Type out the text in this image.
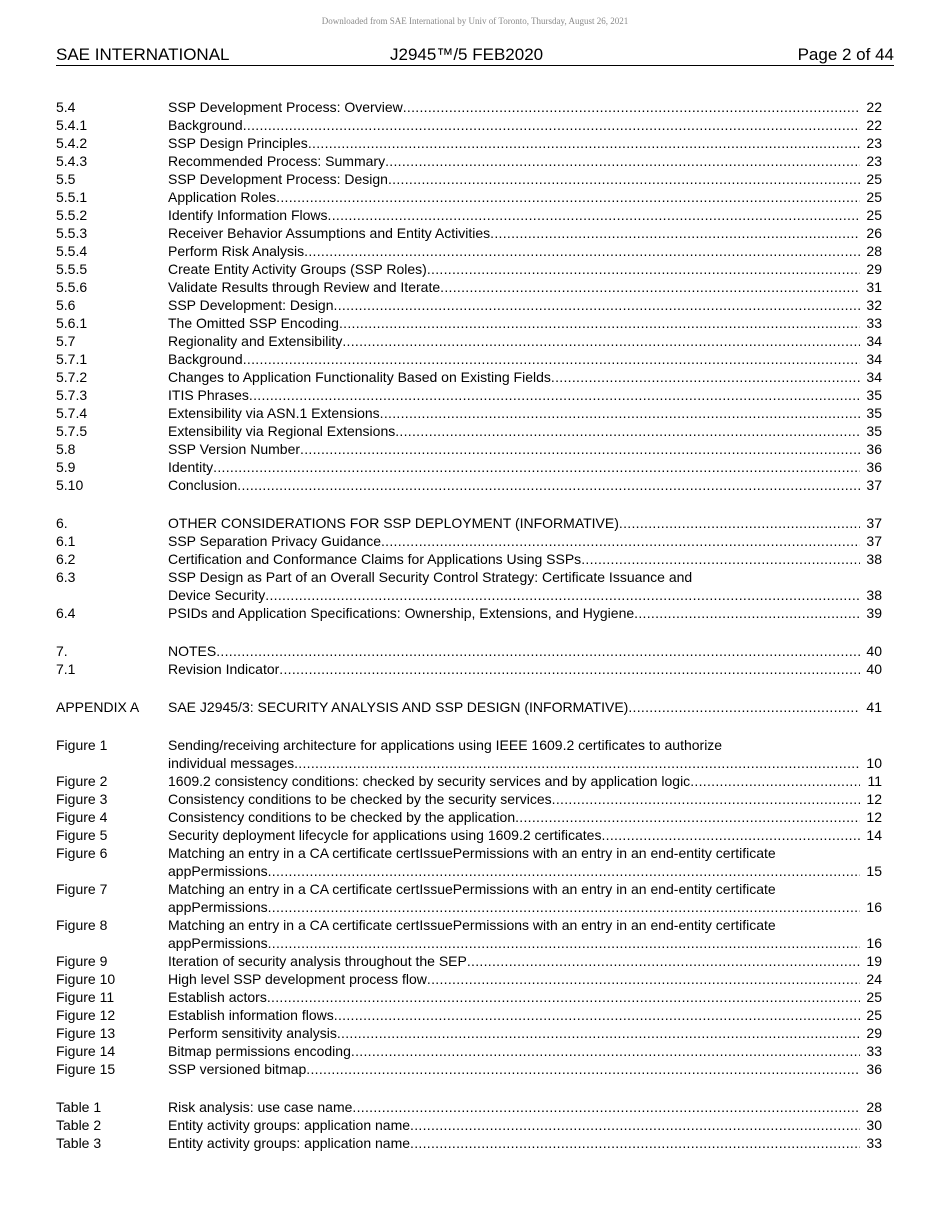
Downloaded from SAE International by Univ of Toronto, Thursday, August 26, 2021
SAE INTERNATIONAL	J2945™/5 FEB2020	Page 2 of 44
5.4	SSP Development Process: Overview .....	22
5.4.1	Background .....	22
5.4.2	SSP Design Principles .....	23
5.4.3	Recommended Process: Summary .....	23
5.5	SSP Development Process: Design .....	25
5.5.1	Application Roles .....	25
5.5.2	Identify Information Flows .....	25
5.5.3	Receiver Behavior Assumptions and Entity Activities .....	26
5.5.4	Perform Risk Analysis .....	28
5.5.5	Create Entity Activity Groups (SSP Roles) .....	29
5.5.6	Validate Results through Review and Iterate .....	31
5.6	SSP Development: Design .....	32
5.6.1	The Omitted SSP Encoding .....	33
5.7	Regionality and Extensibility .....	34
5.7.1	Background .....	34
5.7.2	Changes to Application Functionality Based on Existing Fields .....	34
5.7.3	ITIS Phrases .....	35
5.7.4	Extensibility via ASN.1 Extensions .....	35
5.7.5	Extensibility via Regional Extensions .....	35
5.8	SSP Version Number .....	36
5.9	Identity .....	36
5.10	Conclusion .....	37
6.	OTHER CONSIDERATIONS FOR SSP DEPLOYMENT (INFORMATIVE) .....	37
6.1	SSP Separation Privacy Guidance .....	37
6.2	Certification and Conformance Claims for Applications Using SSPs .....	38
6.3	SSP Design as Part of an Overall Security Control Strategy: Certificate Issuance and
Device Security .....	38
6.4	PSIDs and Application Specifications: Ownership, Extensions, and Hygiene .....	39
7.	NOTES .....	40
7.1	Revision Indicator .....	40
APPENDIX A	SAE J2945/3: SECURITY ANALYSIS AND SSP DESIGN (INFORMATIVE) .....	41
Figure 1	Sending/receiving architecture for applications using IEEE 1609.2 certificates to authorize
individual messages .....	10
Figure 2	1609.2 consistency conditions: checked by security services and by application logic .....	11
Figure 3	Consistency conditions to be checked by the security services .....	12
Figure 4	Consistency conditions to be checked by the application .....	12
Figure 5	Security deployment lifecycle for applications using 1609.2 certificates .....	14
Figure 6	Matching an entry in a CA certificate certIssuePermissions with an entry in an end-entity certificate
appPermissions .....	15
Figure 7	Matching an entry in a CA certificate certIssuePermissions with an entry in an end-entity certificate
appPermissions .....	16
Figure 8	Matching an entry in a CA certificate certIssuePermissions with an entry in an end-entity certificate
appPermissions .....	16
Figure 9	Iteration of security analysis throughout the SEP .....	19
Figure 10	High level SSP development process flow .....	24
Figure 11	Establish actors .....	25
Figure 12	Establish information flows .....	25
Figure 13	Perform sensitivity analysis .....	29
Figure 14	Bitmap permissions encoding .....	33
Figure 15	SSP versioned bitmap .....	36
Table 1	Risk analysis: use case name .....	28
Table 2	Entity activity groups: application name .....	30
Table 3	Entity activity groups: application name .....	33
